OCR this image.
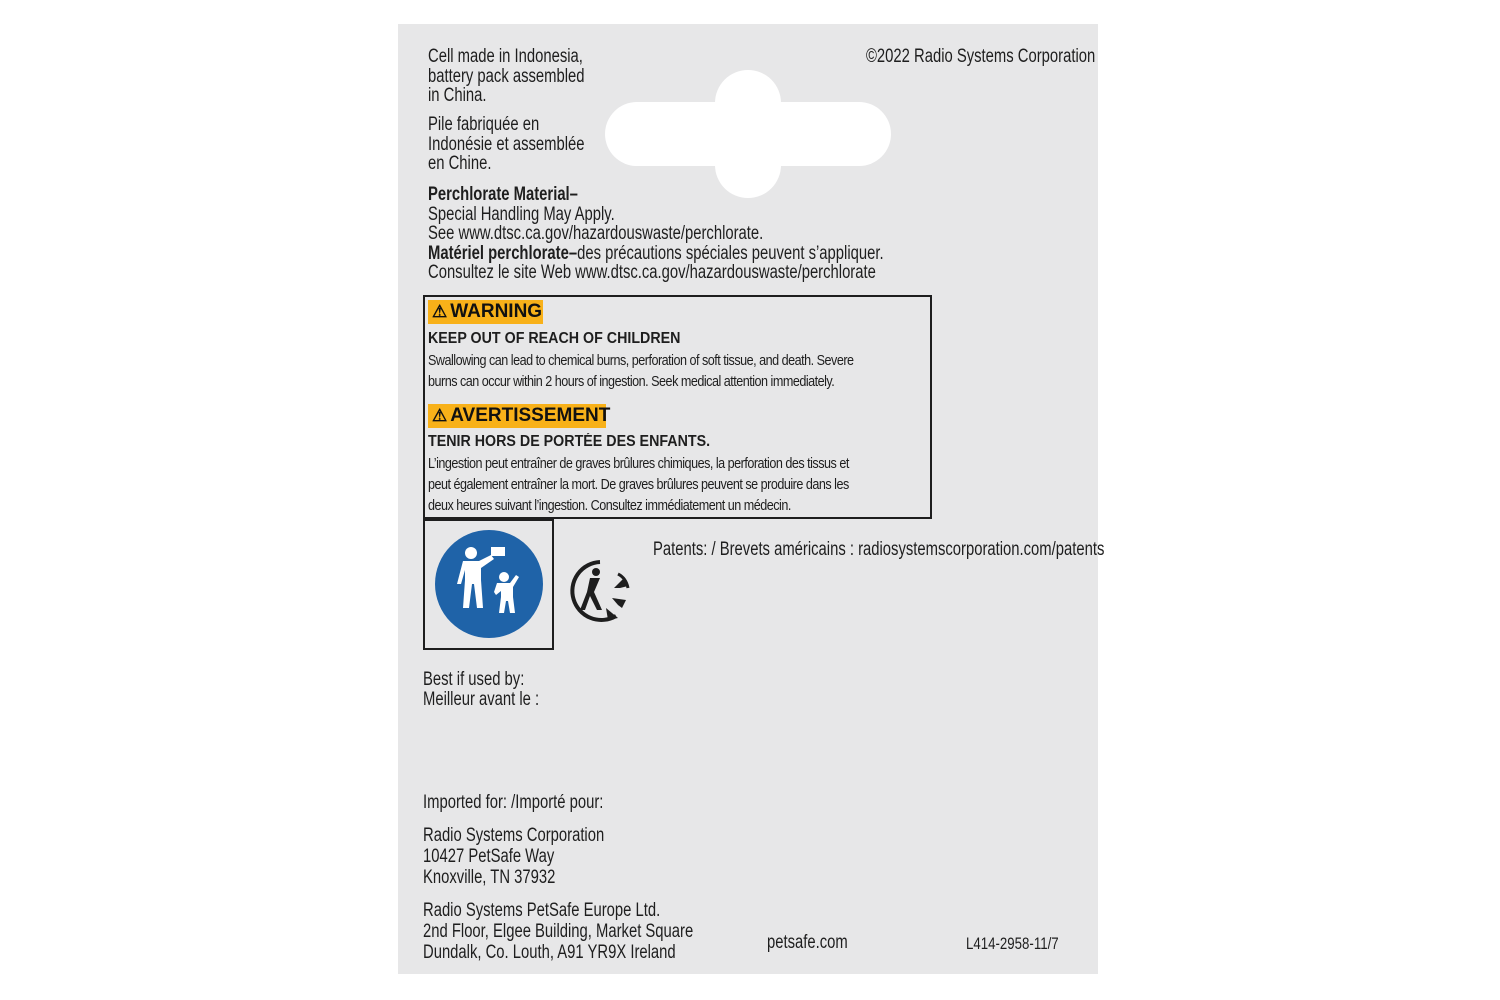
Cell made in Indonesia,
battery pack assembled
in China.
Pile fabriquée en
Indonésie et assemblée
en Chine.
©2022 Radio Systems Corporation
Perchlorate Material–
Special Handling May Apply.
See www.dtsc.ca.gov/hazardouswaste/perchlorate.
Matériel perchlorate–des précautions spéciales peuvent s’appliquer.
Consultez le site Web www.dtsc.ca.gov/hazardouswaste/perchlorate
⚠ WARNING
KEEP OUT OF REACH OF CHILDREN
Swallowing can lead to chemical burns, perforation of soft tissue, and death. Severe
burns can occur within 2 hours of ingestion. Seek medical attention immediately.
⚠ AVERTISSEMENT
TENIR HORS DE PORTÉE DES ENFANTS.
L’ingestion peut entraîner de graves brûlures chimiques, la perforation des tissus et
peut également entraîner la mort. De graves brûlures peuvent se produire dans les
deux heures suivant l’ingestion. Consultez immédiatement un médecin.
Patents: / Brevets américains : radiosystemscorporation.com/patents
Best if used by:
Meilleur avant le :
Imported for: /Importé pour:
Radio Systems Corporation
10427 PetSafe Way
Knoxville, TN 37932
Radio Systems PetSafe Europe Ltd.
2nd Floor, Elgee Building, Market Square
Dundalk, Co. Louth, A91 YR9X Ireland	petsafe.com	L414-2958-11/7
